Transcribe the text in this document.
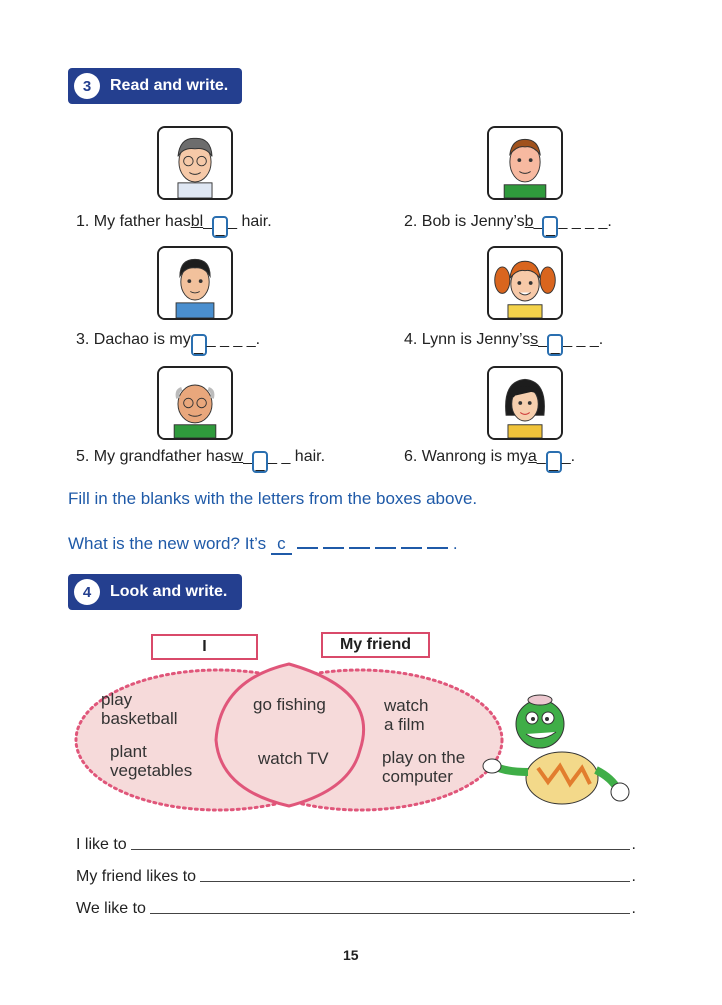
3	Read and write.
1. My father hasbl___ hair.	2. Bob is Jenny’sb___ _ _ _.
3. Dachao is my__ _ _ _.	4. Lynn is Jenny’ss___ _ _.
5. My grandfather hasw___ _ hair.	6. Wanrong is mya___.
Fill in the blanks with the letters from the boxes above.
What is the new word? It’s c	.
4	Look and write.
I	My friend
play
basketball
plant
vegetables
go fishing
watch TV
watch
a film
play on the
computer
I like to	.
My friend likes to	.
We like to	.
15
